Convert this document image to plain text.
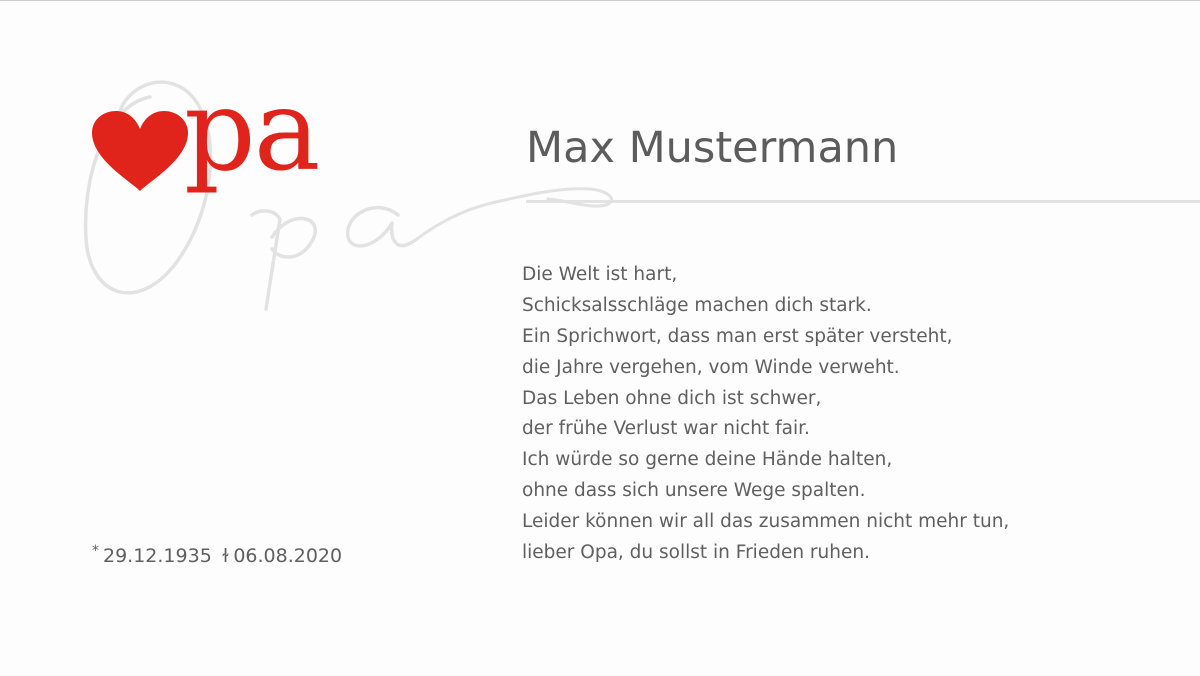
pa	Max Mustermann
Die Welt ist hart,
Schicksalsschläge machen dich stark.
Ein Sprichwort, dass man erst später versteht,
die Jahre vergehen, vom Winde verweht.
Das Leben ohne dich ist schwer,
der frühe Verlust war nicht fair.
Ich würde so gerne deine Hände halten,
ohne dass sich unsere Wege spalten.
Leider können wir all das zusammen nicht mehr tun,
lieber Opa, du sollst in Frieden ruhen.
* 29.12.1935 ɫ 06.08.2020
